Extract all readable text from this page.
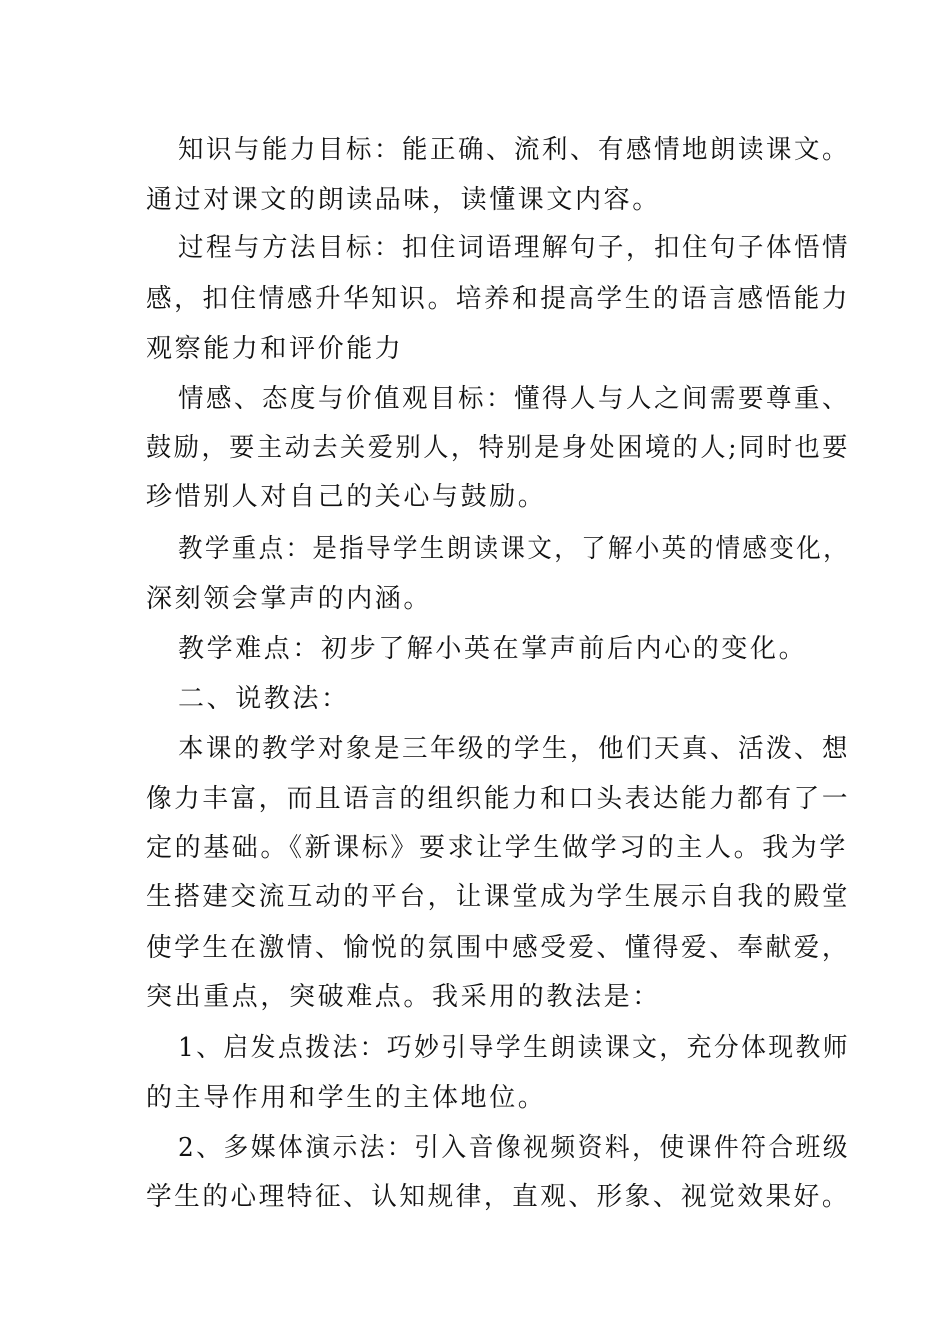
知识与能力目标：能正确、流利、有感情地朗读课文。
通过对课文的朗读品味，读懂课文内容。
过程与方法目标：扣住词语理解句子，扣住句子体悟情
感，扣住情感升华知识。培养和提高学生的语言感悟能力
观察能力和评价能力
情感、态度与价值观目标：懂得人与人之间需要尊重、
鼓励，要主动去关爱别人，特别是身处困境的人;同时也要
珍惜别人对自己的关心与鼓励。
教学重点：是指导学生朗读课文，了解小英的情感变化，
深刻领会掌声的内涵。
教学难点：初步了解小英在掌声前后内心的变化。
二、说教法：
本课的教学对象是三年级的学生，他们天真、活泼、想
像力丰富，而且语言的组织能力和口头表达能力都有了一
定的基础。《新课标》要求让学生做学习的主人。我为学
生搭建交流互动的平台，让课堂成为学生展示自我的殿堂
使学生在激情、愉悦的氛围中感受爱、懂得爱、奉献爱，
突出重点，突破难点。我采用的教法是：
1、启发点拨法：巧妙引导学生朗读课文，充分体现教师
的主导作用和学生的主体地位。
2、多媒体演示法：引入音像视频资料，使课件符合班级
学生的心理特征、认知规律，直观、形象、视觉效果好。
